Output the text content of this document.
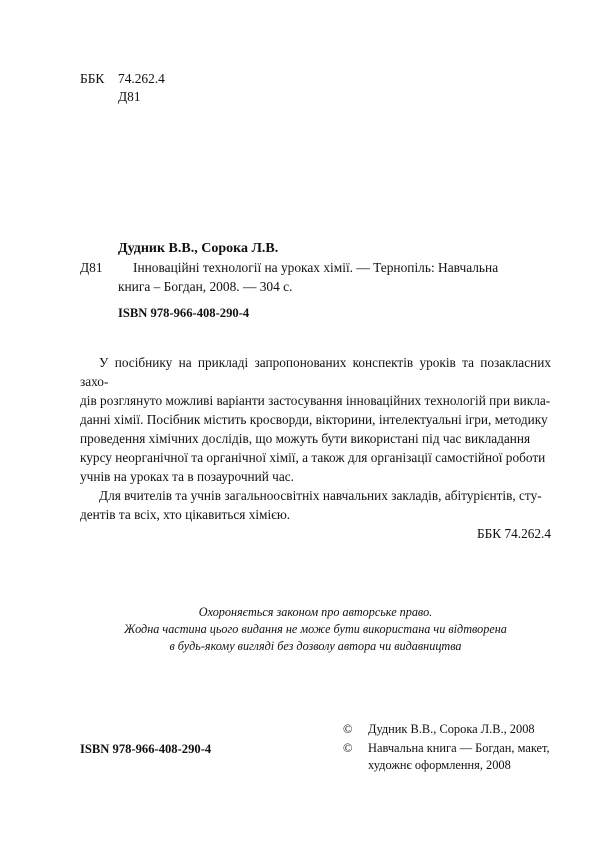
ББК 74.262.4
Д81
Дудник В.В., Сорока Л.В.
Д81 Інноваційні технології на уроках хімії. — Тернопіль: Навчальна
книга – Богдан, 2008. — 304 с.
ISBN 978-966-408-290-4
У посібнику на прикладі запропонованих конспектів уроків та позакласних захо-
дів розглянуто можливі варіанти застосування інноваційних технологій при викла-
данні хімії. Посібник містить кросворди, вікторини, інтелектуальні ігри, методику
проведення хімічних дослідів, що можуть бути використані під час викладання
курсу неорганічної та органічної хімії, а також для організації самостійної роботи
учнів на уроках та в позаурочний час.
Для вчителів та учнів загальноосвітніх навчальних закладів, абітурієнтів, сту-
дентів та всіх, хто цікавиться хімією.
ББК 74.262.4
Охороняється законом про авторське право.
Жодна частина цього видання не може бути використана чи відтворена
в будь-якому вигляді без дозволу автора чи видавництва
ISBN 978-966-408-290-4
© Дудник В.В., Сорока Л.В., 2008
© Навчальна книга — Богдан, макет,
художнє оформлення, 2008
